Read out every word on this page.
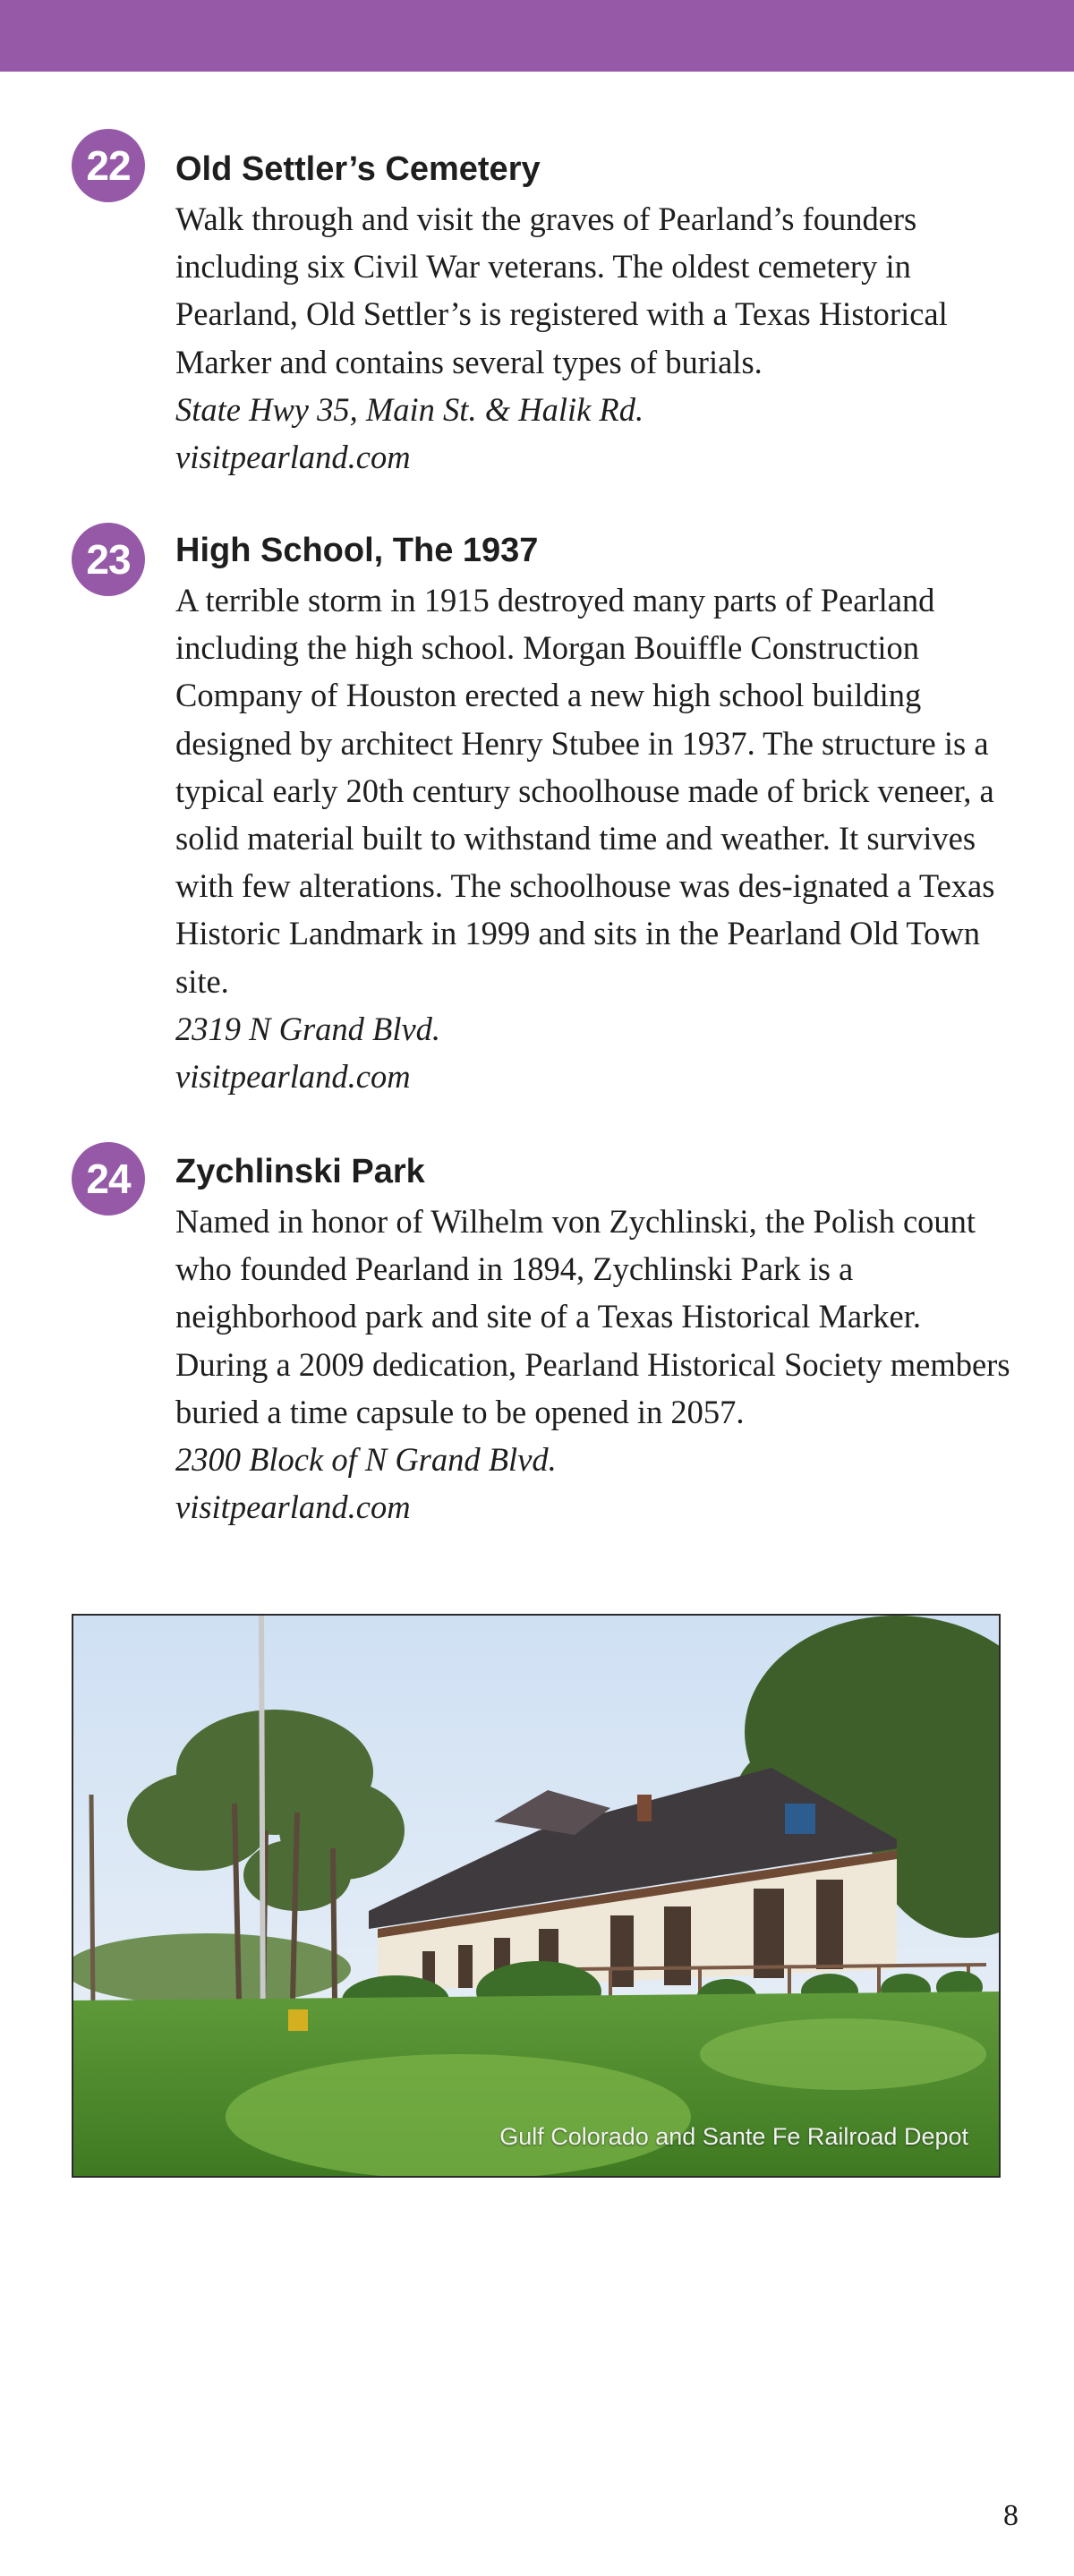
22	Old Settler’s Cemetery

Walk through and visit the graves of Pearland’s founders including six Civil War veterans. The oldest cemetery in Pearland, Old Settler’s is registered with a Texas Historical Marker and contains several types of burials.

State Hwy 35, Main St. & Halik Rd.
visitpearland.com
23	High School, The 1937

A terrible storm in 1915 destroyed many parts of Pearland including the high school. Morgan Bouiffle Construction Company of Houston erected a new high school building designed by architect Henry Stubee in 1937. The structure is a typical early 20th century schoolhouse made of brick veneer, a solid material built to withstand time and weather. It survives with few alterations. The schoolhouse was des-ignated a Texas Historic Landmark in 1999 and sits in the Pearland Old Town site.

2319 N Grand Blvd.
visitpearland.com
24	Zychlinski Park

Named in honor of Wilhelm von Zychlinski, the Polish count who founded Pearland in 1894, Zychlinski Park is a neighborhood park and site of a Texas Historical Marker. During a 2009 dedication, Pearland Historical Society members buried a time capsule to be opened in 2057.

2300 Block of N Grand Blvd.
visitpearland.com
Gulf Colorado and Sante Fe Railroad Depot
8
